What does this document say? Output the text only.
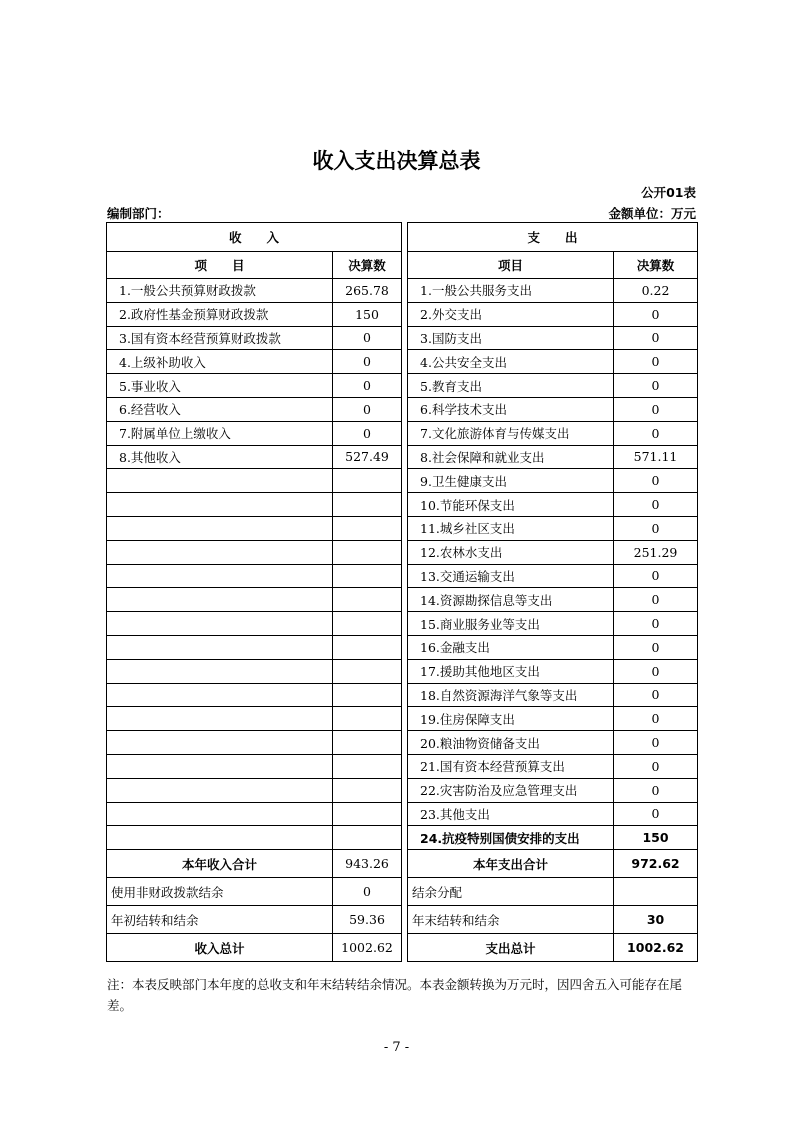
收入支出决算总表
公开01表
编制部门：	金额单位：万元
收　　入			支　　出	
项　　目	决算数		项目	决算数
1.一般公共预算财政拨款	265.78		1.一般公共服务支出	0.22
2.政府性基金预算财政拨款	150		2.外交支出	0
3.国有资本经营预算财政拨款	0		3.国防支出	0
4.上级补助收入	0		4.公共安全支出	0
5.事业收入	0		5.教育支出	0
6.经营收入	0		6.科学技术支出	0
7.附属单位上缴收入	0		7.文化旅游体育与传媒支出	0
8.其他收入	527.49		8.社会保障和就业支出	571.11
			9.卫生健康支出	0
			10.节能环保支出	0
			11.城乡社区支出	0
			12.农林水支出	251.29
			13.交通运输支出	0
			14.资源勘探信息等支出	0
			15.商业服务业等支出	0
			16.金融支出	0
			17.援助其他地区支出	0
			18.自然资源海洋气象等支出	0
			19.住房保障支出	0
			20.粮油物资储备支出	0
			21.国有资本经营预算支出	0
			22.灾害防治及应急管理支出	0
			23.其他支出	0
			24.抗疫特别国债安排的支出	150
本年收入合计	943.26		本年支出合计	972.62
使用非财政拨款结余	0		结余分配	
年初结转和结余	59.36		年末结转和结余	30
收入总计	1002.62		支出总计	1002.62
注：本表反映部门本年度的总收支和年末结转结余情况。本表金额转换为万元时，因四舍五入可能存在尾差。
- 7 -
